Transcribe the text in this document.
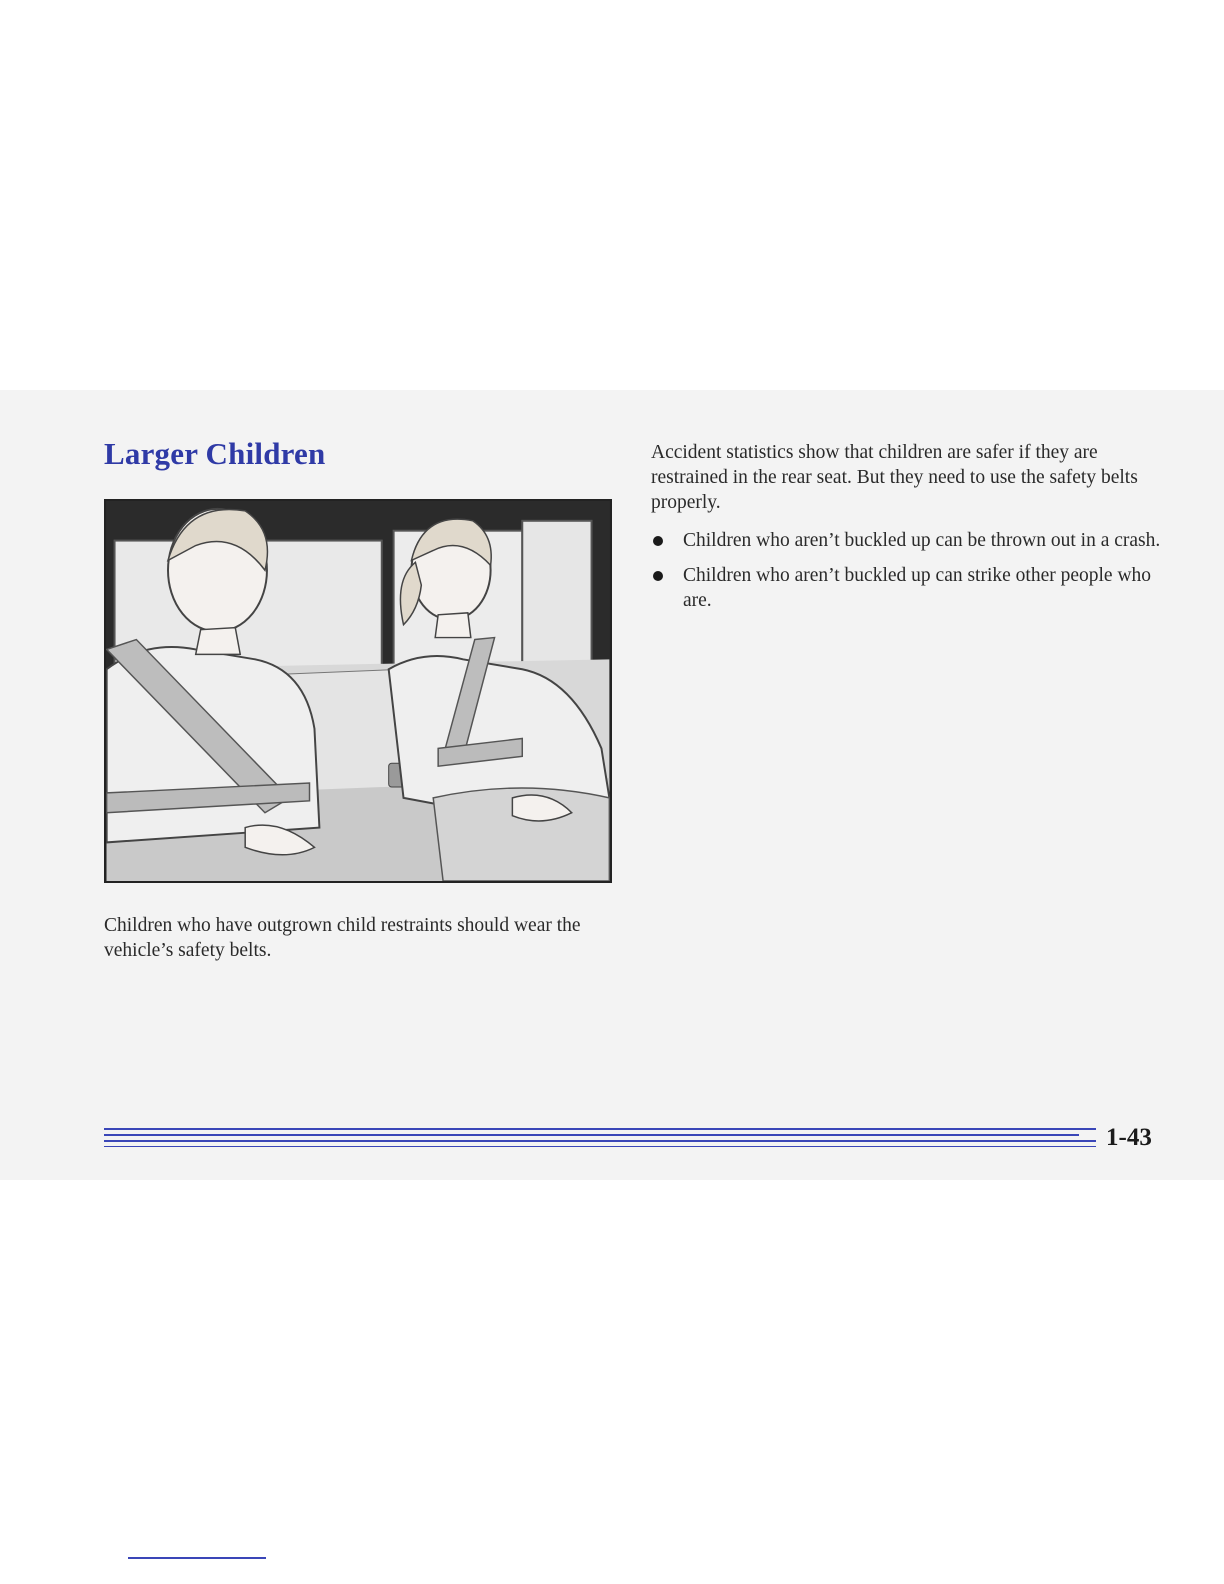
Larger Children

Children who have outgrown child restraints should wear the vehicle’s safety belts.

Accident statistics show that children are safer if they are restrained in the rear seat. But they need to use the safety belts properly.

Children who aren’t buckled up can be thrown out in a crash.
Children who aren’t buckled up can strike other people who are.

1-43
